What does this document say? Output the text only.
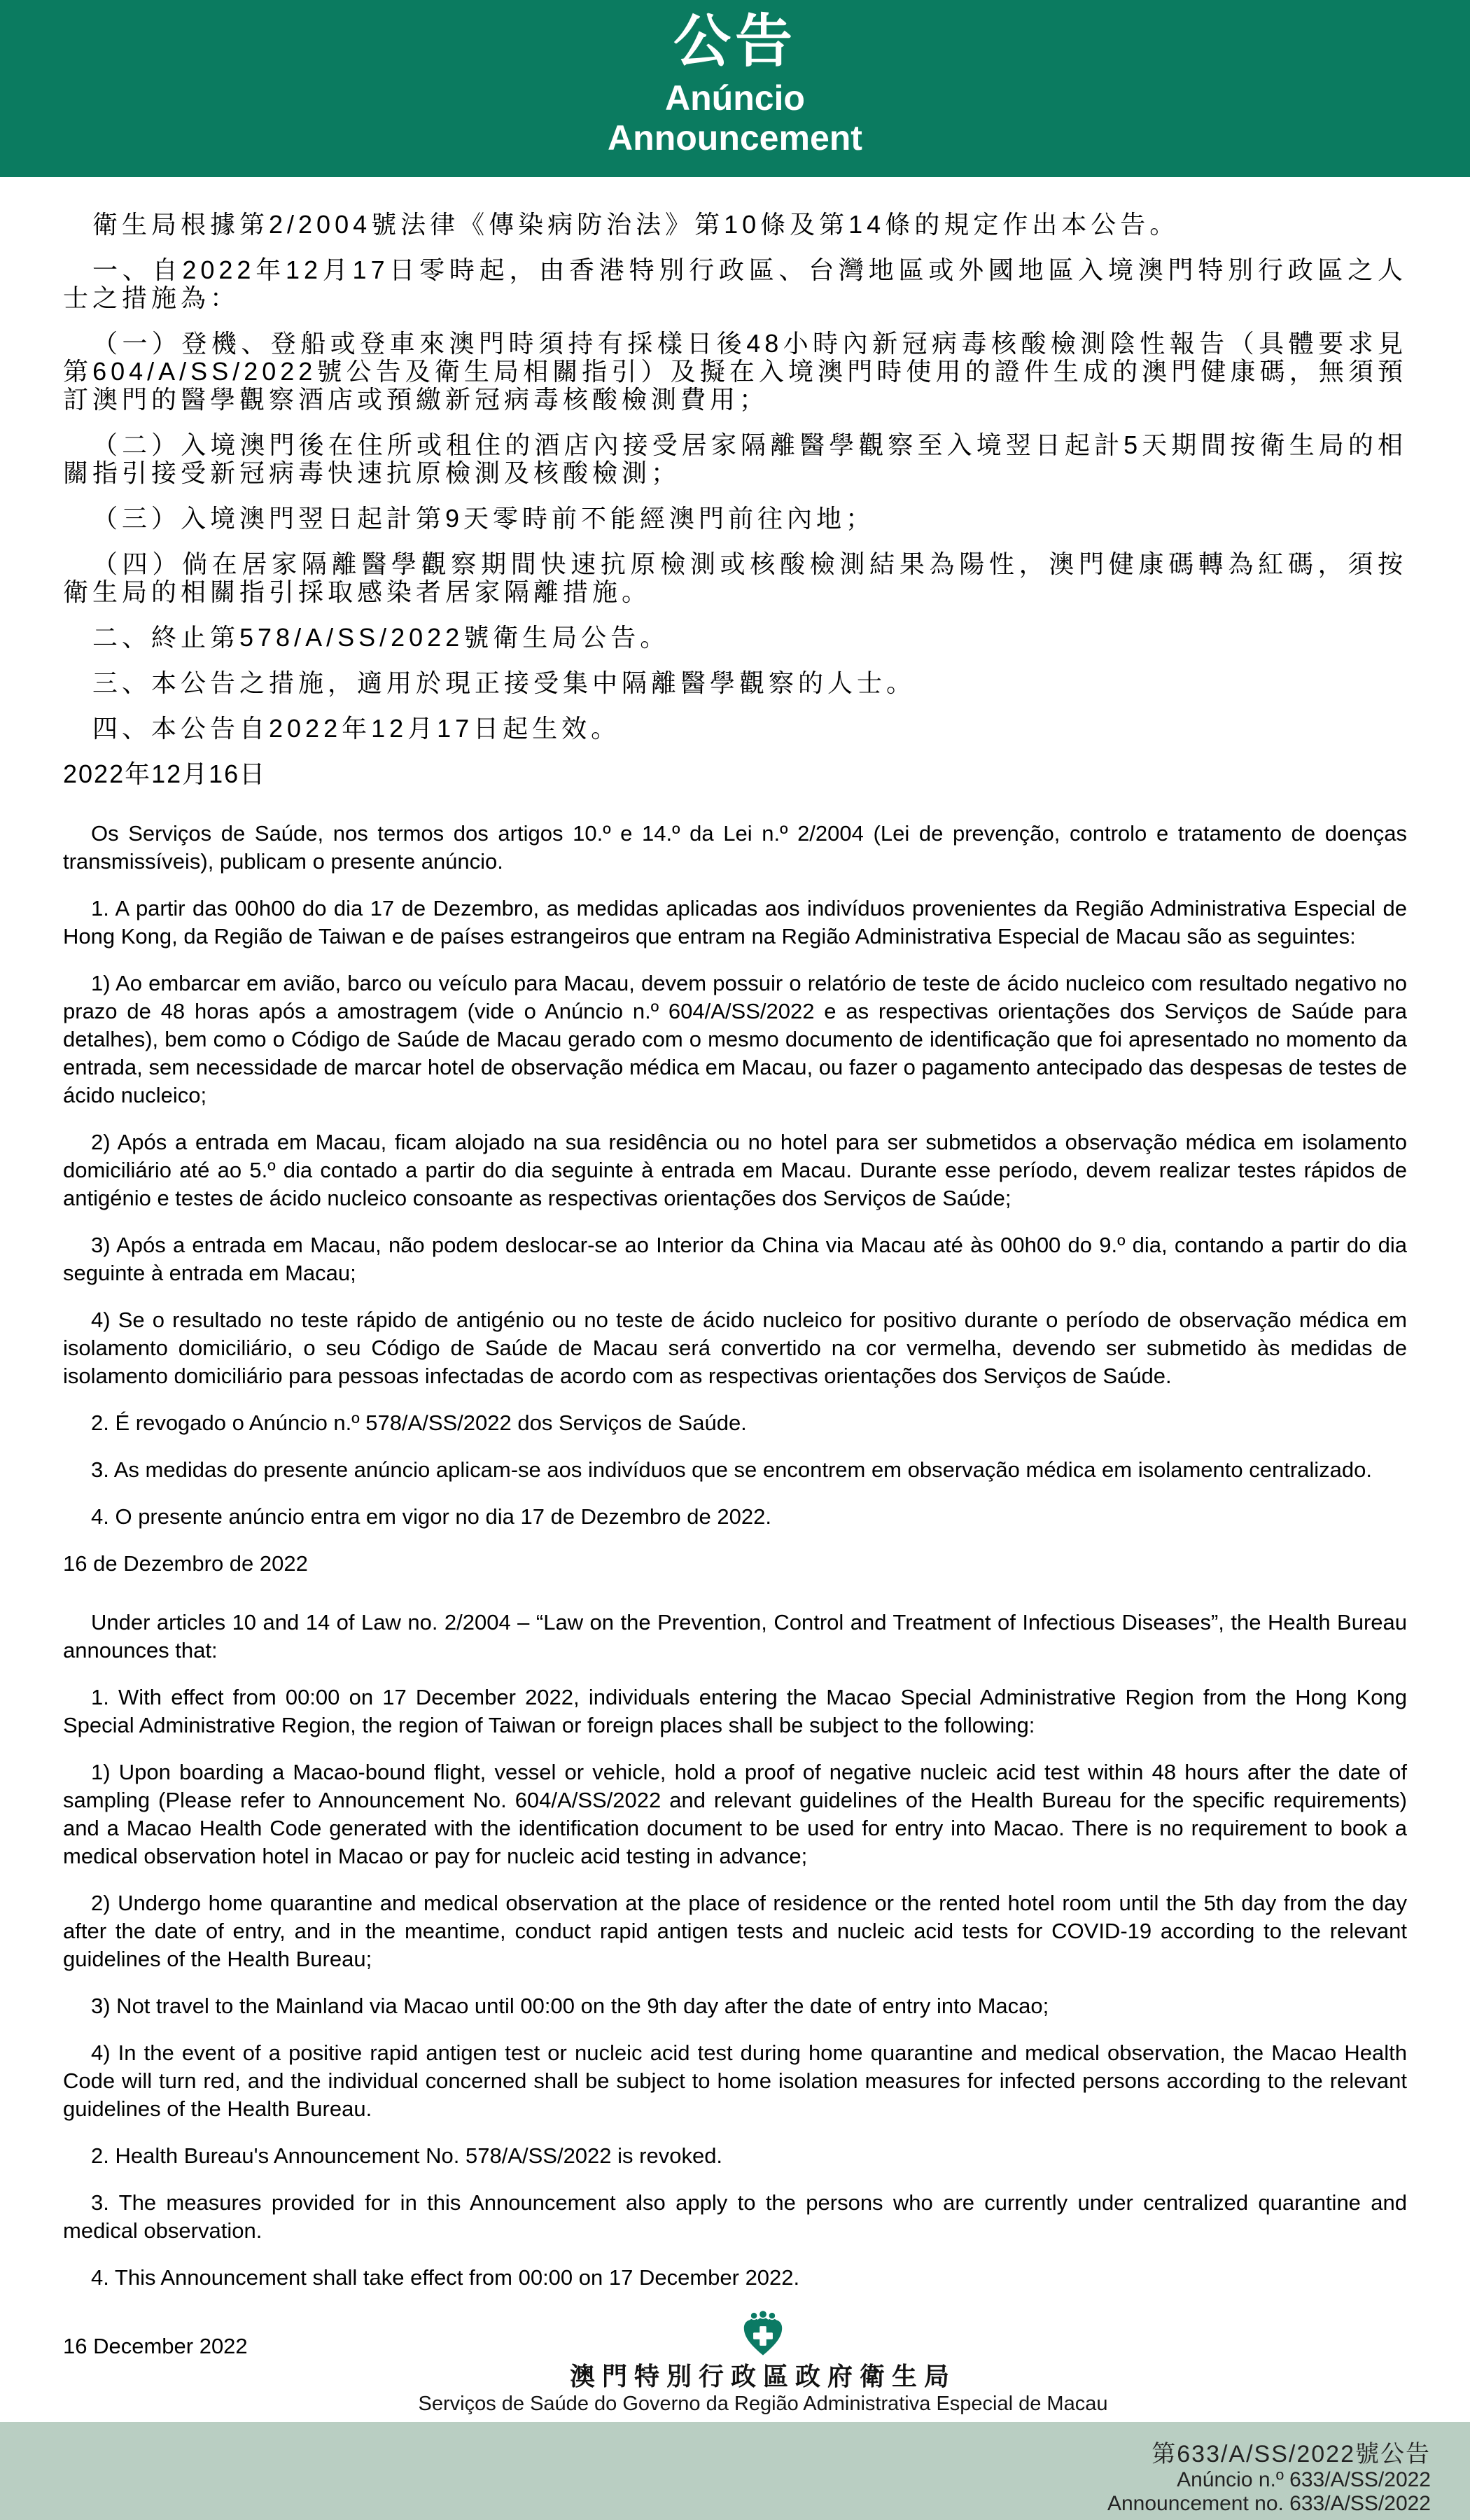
公告
Anúncio
Announcement

衛生局根據第2/2004號法律《傳染病防治法》第10條及第14條的規定作出本公告。

一、自2022年12月17日零時起，由香港特別行政區、台灣地區或外國地區入境澳門特別行政區之人士之措施為：

（一）登機、登船或登車來澳門時須持有採樣日後48小時內新冠病毒核酸檢測陰性報告（具體要求見第604/A/SS/2022號公告及衛生局相關指引）及擬在入境澳門時使用的證件生成的澳門健康碼，無須預訂澳門的醫學觀察酒店或預繳新冠病毒核酸檢測費用；

（二）入境澳門後在住所或租住的酒店內接受居家隔離醫學觀察至入境翌日起計5天期間按衛生局的相關指引接受新冠病毒快速抗原檢測及核酸檢測；

（三）入境澳門翌日起計第9天零時前不能經澳門前往內地；

（四）倘在居家隔離醫學觀察期間快速抗原檢測或核酸檢測結果為陽性，澳門健康碼轉為紅碼，須按衛生局的相關指引採取感染者居家隔離措施。

二、終止第578/A/SS/2022號衛生局公告。

三、本公告之措施，適用於現正接受集中隔離醫學觀察的人士。

四、本公告自2022年12月17日起生效。

2022年12月16日

Os Serviços de Saúde, nos termos dos artigos 10.º e 14.º da Lei n.º 2/2004 (Lei de prevenção, controlo e tratamento de doenças transmissíveis), publicam o presente anúncio.

1. A partir das 00h00 do dia 17 de Dezembro, as medidas aplicadas aos indivíduos provenientes da Região Administrativa Especial de Hong Kong, da Região de Taiwan e de países estrangeiros que entram na Região Administrativa Especial de Macau são as seguintes:

1) Ao embarcar em avião, barco ou veículo para Macau, devem possuir o relatório de teste de ácido nucleico com resultado negativo no prazo de 48 horas após a amostragem (vide o Anúncio n.º 604/A/SS/2022 e as respectivas orientações dos Serviços de Saúde para detalhes), bem como o Código de Saúde de Macau gerado com o mesmo documento de identificação que foi apresentado no momento da entrada, sem necessidade de marcar hotel de observação médica em Macau, ou fazer o pagamento antecipado das despesas de testes de ácido nucleico;

2) Após a entrada em Macau, ficam alojado na sua residência ou no hotel para ser submetidos a observação médica em isolamento domiciliário até ao 5.º dia contado a partir do dia seguinte à entrada em Macau. Durante esse período, devem realizar testes rápidos de antigénio e testes de ácido nucleico consoante as respectivas orientações dos Serviços de Saúde;

3) Após a entrada em Macau, não podem deslocar-se ao Interior da China via Macau até às 00h00 do 9.º dia, contando a partir do dia seguinte à entrada em Macau;

4) Se o resultado no teste rápido de antigénio ou no teste de ácido nucleico for positivo durante o período de observação médica em isolamento domiciliário, o seu Código de Saúde de Macau será convertido na cor vermelha, devendo ser submetido às medidas de isolamento domiciliário para pessoas infectadas de acordo com as respectivas orientações dos Serviços de Saúde.

2. É revogado o Anúncio n.º 578/A/SS/2022 dos Serviços de Saúde.

3. As medidas do presente anúncio aplicam-se aos indivíduos que se encontrem em observação médica em isolamento centralizado.

4. O presente anúncio entra em vigor no dia 17 de Dezembro de 2022.

16 de Dezembro de 2022

Under articles 10 and 14 of Law no. 2/2004 – “Law on the Prevention, Control and Treatment of Infectious Diseases”, the Health Bureau announces that:

1. With effect from 00:00 on 17 December 2022, individuals entering the Macao Special Administrative Region from the Hong Kong Special Administrative Region, the region of Taiwan or foreign places shall be subject to the following:

1) Upon boarding a Macao-bound flight, vessel or vehicle, hold a proof of negative nucleic acid test within 48 hours after the date of sampling (Please refer to Announcement No. 604/A/SS/2022 and relevant guidelines of the Health Bureau for the specific requirements) and a Macao Health Code generated with the identification document to be used for entry into Macao. There is no requirement to book a medical observation hotel in Macao or pay for nucleic acid testing in advance;

2) Undergo home quarantine and medical observation at the place of residence or the rented hotel room until the 5th day from the day after the date of entry, and in the meantime, conduct rapid antigen tests and nucleic acid tests for COVID-19 according to the relevant guidelines of the Health Bureau;

3) Not travel to the Mainland via Macao until 00:00 on the 9th day after the date of entry into Macao;

4) In the event of a positive rapid antigen test or nucleic acid test during home quarantine and medical observation, the Macao Health Code will turn red, and the individual concerned shall be subject to home isolation measures for infected persons according to the relevant guidelines of the Health Bureau.

2. Health Bureau's Announcement No. 578/A/SS/2022 is revoked.

3. The measures provided for in this Announcement also apply to the persons who are currently under centralized quarantine and medical observation.

4. This Announcement shall take effect from 00:00 on 17 December 2022.

16 December 2022

澳門特別行政區政府衛生局
Serviços de Saúde do Governo da Região Administrativa Especial de Macau
第633/A/SS/2022號公告
Anúncio n.º 633/A/SS/2022
Announcement no. 633/A/SS/2022
